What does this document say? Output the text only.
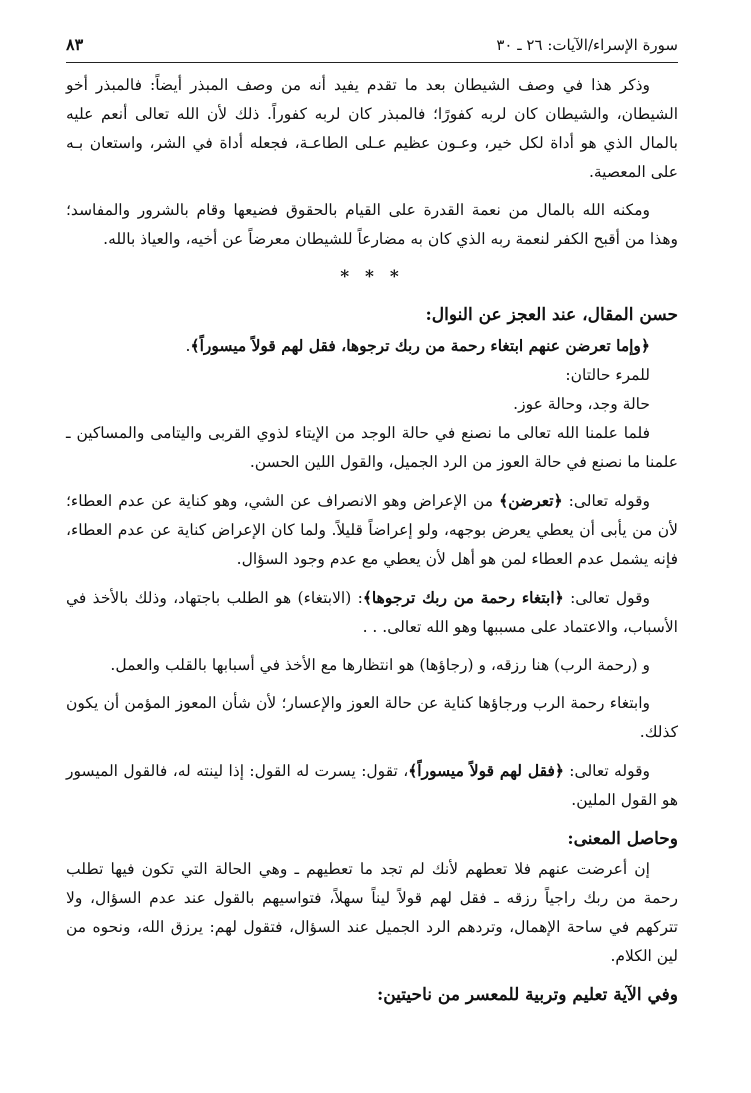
سورة الإسراء/الآيات: ٢٦ ـ ٣٠
٨٣

وذكر هذا في وصف الشيطان بعد ما تقدم يفيد أنه من وصف المبذر أيضاً: فالمبذر أخو الشيطان، والشيطان كان لربه كفورًا؛ فالمبذر كان لربه كفوراً. ذلك لأن الله تعالى أنعم عليه بالمال الذي هو أداة لكل خير، وعـون عظيم عـلى الطاعـة، فجعله أداة في الشر، واستعان بـه على المعصية.

ومكنه الله بالمال من نعمة القدرة على القيام بالحقوق فضيعها وقام بالشرور والمفاسد؛ وهذا من أقبح الكفر لنعمة ربه الذي كان به مضارعاً للشيطان معرضاً عن أخيه، والعياذ بالله.

* * *

حسن المقال، عند العجز عن النوال:

﴿وإما تعرضن عنهم ابتغاء رحمة من ربك ترجوها، فقل لهم قولاً ميسوراً﴾.

للمرء حالتان:

حالة وجد، وحالة عوز.

فلما علمنا الله تعالى ما نصنع في حالة الوجد من الإيتاء لذوي القربى واليتامى والمساكين ـ علمنا ما نصنع في حالة العوز من الرد الجميل، والقول اللين الحسن.

وقوله تعالى: ﴿تعرضن﴾ من الإعراض وهو الانصراف عن الشي، وهو كناية عن عدم العطاء؛ لأن من يأبى أن يعطي يعرض بوجهه، ولو إعراضاً قليلاً. ولما كان الإعراض كناية عن عدم العطاء، فإنه يشمل عدم العطاء لمن هو أهل لأن يعطي مع عدم وجود السؤال.

وقول تعالى: ﴿ابتغاء رحمة من ربك ترجوها﴾: (الابتغاء) هو الطلب باجتهاد، وذلك بالأخذ في الأسباب، والاعتماد على مسببها وهو الله تعالى. . .

و (رحمة الرب) هنا رزقه، و (رجاؤها) هو انتظارها مع الأخذ في أسبابها بالقلب والعمل.

وابتغاء رحمة الرب ورجاؤها كناية عن حالة العوز والإعسار؛ لأن شأن المعوز المؤمن أن يكون كذلك.

وقوله تعالى: ﴿فقل لهم قولاً ميسوراً﴾، تقول: يسرت له القول: إذا لينته له، فالقول الميسور هو القول الملين.

وحاصل المعنى:

إن أعرضت عنهم فلا تعطهم لأنك لم تجد ما تعطيهم ـ وهي الحالة التي تكون فيها تطلب رحمة من ربك راجياً رزقه ـ فقل لهم قولاً ليناً سهلاً، فتواسيهم بالقول عند عدم السؤال، ولا تتركهم في ساحة الإهمال، وتردهم الرد الجميل عند السؤال، فتقول لهم: يرزق الله، ونحوه من لين الكلام.

وفي الآية تعليم وتربية للمعسر من ناحيتين:
